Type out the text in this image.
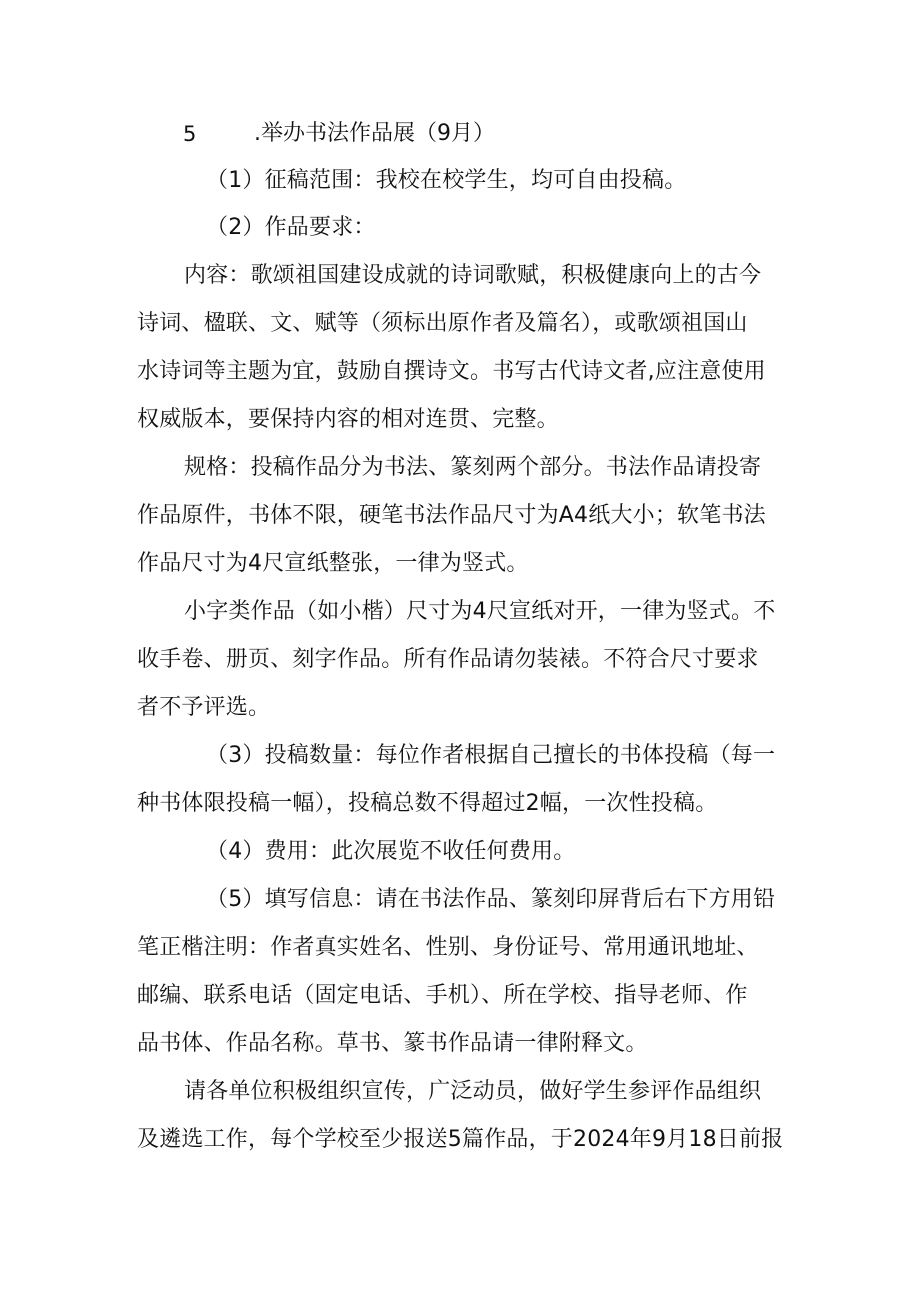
5	.举办书法作品展（9月）
（1）征稿范围：我校在校学生，均可自由投稿。
（2）作品要求：
内容：歌颂祖国建设成就的诗词歌赋，积极健康向上的古今
诗词、楹联、文、赋等（须标出原作者及篇名），或歌颂祖国山
水诗词等主题为宜，鼓励自撰诗文。书写古代诗文者,应注意使用
权威版本，要保持内容的相对连贯、完整。
规格：投稿作品分为书法、篆刻两个部分。书法作品请投寄
作品原件，书体不限，硬笔书法作品尺寸为A4纸大小；软笔书法
作品尺寸为4尺宣纸整张，一律为竖式。
小字类作品（如小楷）尺寸为4尺宣纸对开，一律为竖式。不
收手卷、册页、刻字作品。所有作品请勿装裱。不符合尺寸要求
者不予评选。
（3）投稿数量：每位作者根据自己擅长的书体投稿（每一
种书体限投稿一幅），投稿总数不得超过2幅，一次性投稿。
（4）费用：此次展览不收任何费用。
（5）填写信息：请在书法作品、篆刻印屏背后右下方用铅
笔正楷注明：作者真实姓名、性别、身份证号、常用通讯地址、
邮编、联系电话（固定电话、手机）、所在学校、指导老师、作
品书体、作品名称。草书、篆书作品请一律附释文。
请各单位积极组织宣传，广泛动员，做好学生参评作品组织
及遴选工作，每个学校至少报送5篇作品，于2024年9月18日前报
